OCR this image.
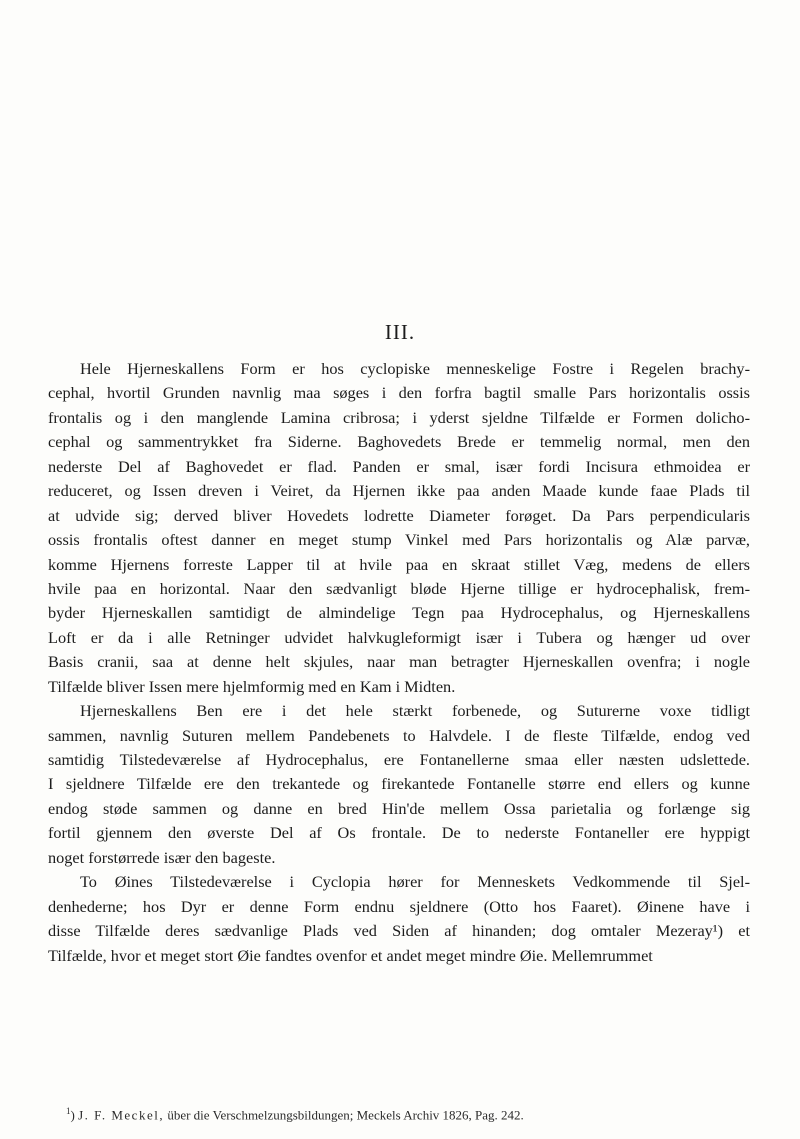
III.
Hele Hjerneskallens Form er hos cyclopiske menneskelige Fostre i Regelen brachy-
cephal, hvortil Grunden navnlig maa søges i den forfra bagtil smalle Pars horizontalis ossis
frontalis og i den manglende Lamina cribrosa; i yderst sjeldne Tilfælde er Formen dolicho-
cephal og sammentrykket fra Siderne. Baghovedets Brede er temmelig normal, men den
nederste Del af Baghovedet er flad. Panden er smal, især fordi Incisura ethmoidea er
reduceret, og Issen dreven i Veiret, da Hjernen ikke paa anden Maade kunde faae Plads til
at udvide sig; derved bliver Hovedets lodrette Diameter forøget. Da Pars perpendicularis
ossis frontalis oftest danner en meget stump Vinkel med Pars horizontalis og Alæ parvæ,
komme Hjernens forreste Lapper til at hvile paa en skraat stillet Væg, medens de ellers
hvile paa en horizontal. Naar den sædvanligt bløde Hjerne tillige er hydrocephalisk, frem-
byder Hjerneskallen samtidigt de almindelige Tegn paa Hydrocephalus, og Hjerneskallens
Loft er da i alle Retninger udvidet halvkugleformigt især i Tubera og hænger ud over
Basis cranii, saa at denne helt skjules, naar man betragter Hjerneskallen ovenfra; i nogle
Tilfælde bliver Issen mere hjelmformig med en Kam i Midten.
Hjerneskallens Ben ere i det hele stærkt forbenede, og Suturerne voxe tidligt
sammen, navnlig Suturen mellem Pandebenets to Halvdele. I de fleste Tilfælde, endog ved
samtidig Tilstedeværelse af Hydrocephalus, ere Fontanellerne smaa eller næsten udslettede.
I sjeldnere Tilfælde ere den trekantede og firekantede Fontanelle større end ellers og kunne
endog støde sammen og danne en bred Hin'de mellem Ossa parietalia og forlænge sig
fortil gjennem den øverste Del af Os frontale. De to nederste Fontaneller ere hyppigt
noget forstørrede især den bageste.
To Øines Tilstedeværelse i Cyclopia hører for Menneskets Vedkommende til Sjel-
denhederne; hos Dyr er denne Form endnu sjeldnere (Otto hos Faaret). Øinene have i
disse Tilfælde deres sædvanlige Plads ved Siden af hinanden; dog omtaler Mezeray¹) et
Tilfælde, hvor et meget stort Øie fandtes ovenfor et andet meget mindre Øie. Mellemrummet
$^1$) J. F. Meckel, über die Verschmelzungsbildungen; Meckels Archiv 1826, Pag. 242.
